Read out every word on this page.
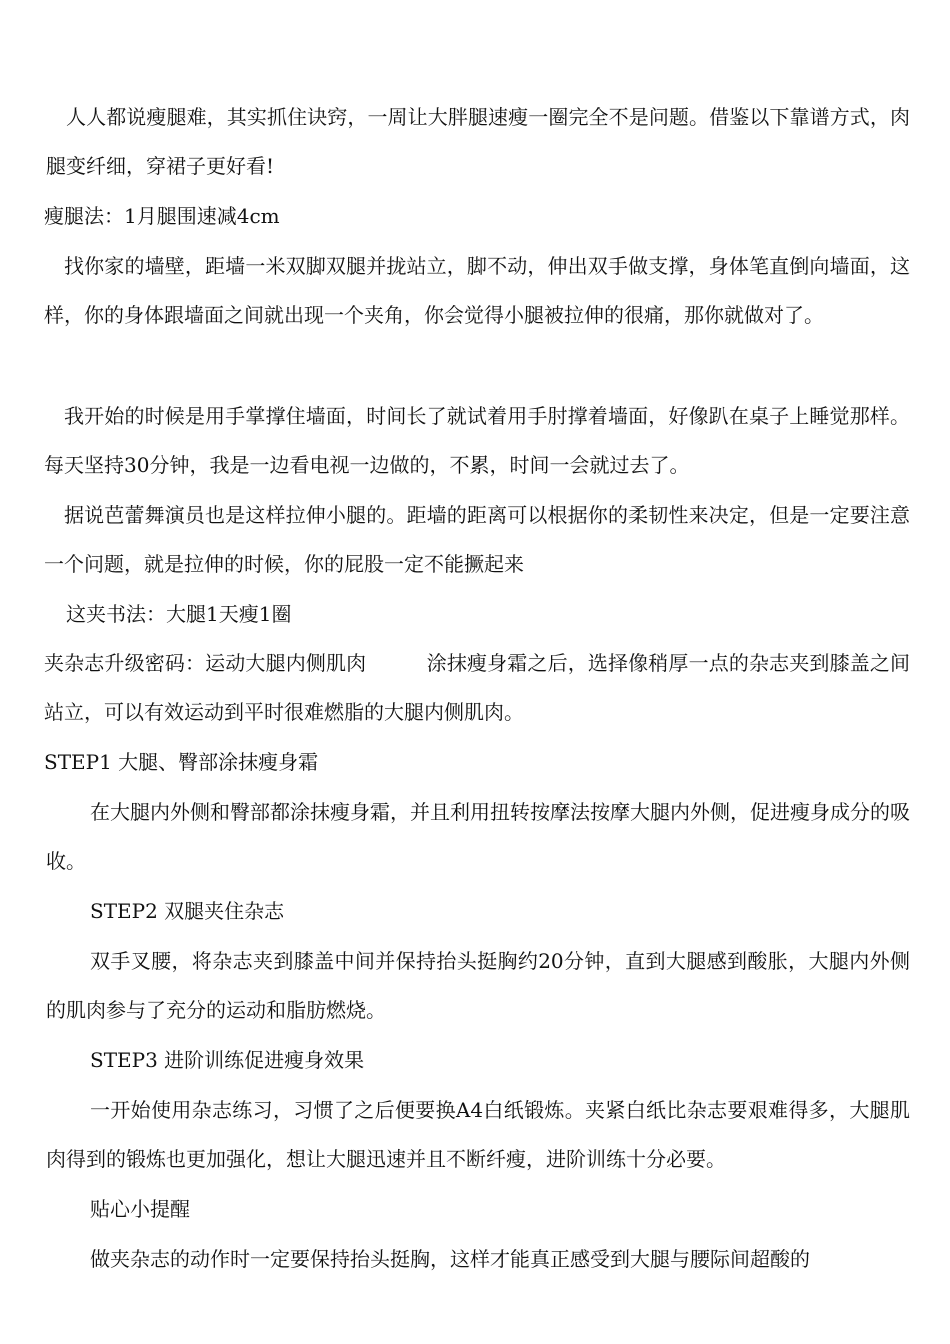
人人都说瘦腿难，其实抓住诀窍，一周让大胖腿速瘦一圈完全不是问题。借鉴以下靠谱方式，肉腿变纤细，穿裙子更好看!

瘦腿法：1月腿围速减4cm

找你家的墙壁，距墙一米双脚双腿并拢站立，脚不动，伸出双手做支撑，身体笔直倒向墙面，这样，你的身体跟墙面之间就出现一个夹角，你会觉得小腿被拉伸的很痛，那你就做对了。

我开始的时候是用手掌撑住墙面，时间长了就试着用手肘撑着墙面，好像趴在桌子上睡觉那样。每天坚持30分钟，我是一边看电视一边做的，不累，时间一会就过去了。

据说芭蕾舞演员也是这样拉伸小腿的。距墙的距离可以根据你的柔韧性来决定，但是一定要注意一个问题，就是拉伸的时候，你的屁股一定不能撅起来

这夹书法：大腿1天瘦1圈

夹杂志升级密码：运动大腿内侧肌肉　　　涂抹瘦身霜之后，选择像稍厚一点的杂志夹到膝盖之间站立，可以有效运动到平时很难燃脂的大腿内侧肌肉。

STEP1 大腿、臀部涂抹瘦身霜

在大腿内外侧和臀部都涂抹瘦身霜，并且利用扭转按摩法按摩大腿内外侧，促进瘦身成分的吸收。

STEP2 双腿夹住杂志

双手叉腰，将杂志夹到膝盖中间并保持抬头挺胸约20分钟，直到大腿感到酸胀，大腿内外侧的肌肉参与了充分的运动和脂肪燃烧。

STEP3 进阶训练促进瘦身效果

一开始使用杂志练习，习惯了之后便要换A4白纸锻炼。夹紧白纸比杂志要艰难得多，大腿肌肉得到的锻炼也更加强化，想让大腿迅速并且不断纤瘦，进阶训练十分必要。

贴心小提醒

做夹杂志的动作时一定要保持抬头挺胸，这样才能真正感受到大腿与腰际间超酸的
